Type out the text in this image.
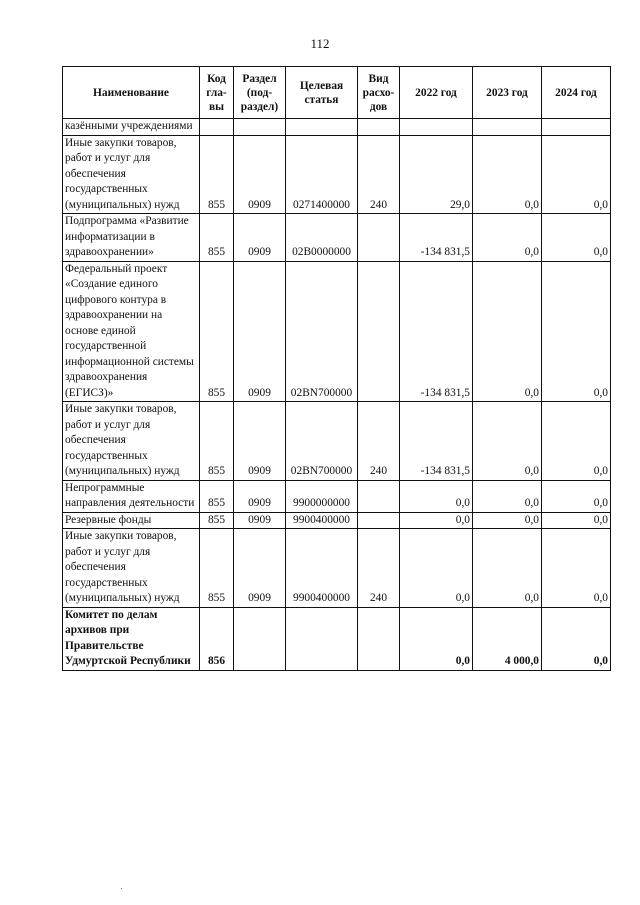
112
Наименование	Код гла-вы	Раздел (под-раздел)	Целевая статья	Вид расхо-дов	2022 год	2023 год	2024 год
казёнными учреждениями							
Иные закупки товаров, работ и услуг для обеспечения государственных (муниципальных) нужд	855	0909	0271400000	240	29,0	0,0	0,0
Подпрограмма «Развитие информатизации в здравоохранении»	855	0909	02В0000000		-134 831,5	0,0	0,0
Федеральный проект «Создание единого цифрового контура в здравоохранении на основе единой государственной информационной системы здравоохранения (ЕГИСЗ)»	855	0909	02ВN700000		-134 831,5	0,0	0,0
Иные закупки товаров, работ и услуг для обеспечения государственных (муниципальных) нужд	855	0909	02ВN700000	240	-134 831,5	0,0	0,0
Непрограммные направления деятельности	855	0909	9900000000		0,0	0,0	0,0
Резервные фонды	855	0909	9900400000		0,0	0,0	0,0
Иные закупки товаров, работ и услуг для обеспечения государственных (муниципальных) нужд	855	0909	9900400000	240	0,0	0,0	0,0
Комитет по делам архивов при Правительстве Удмуртской Республики	856				0,0	4 000,0	0,0
